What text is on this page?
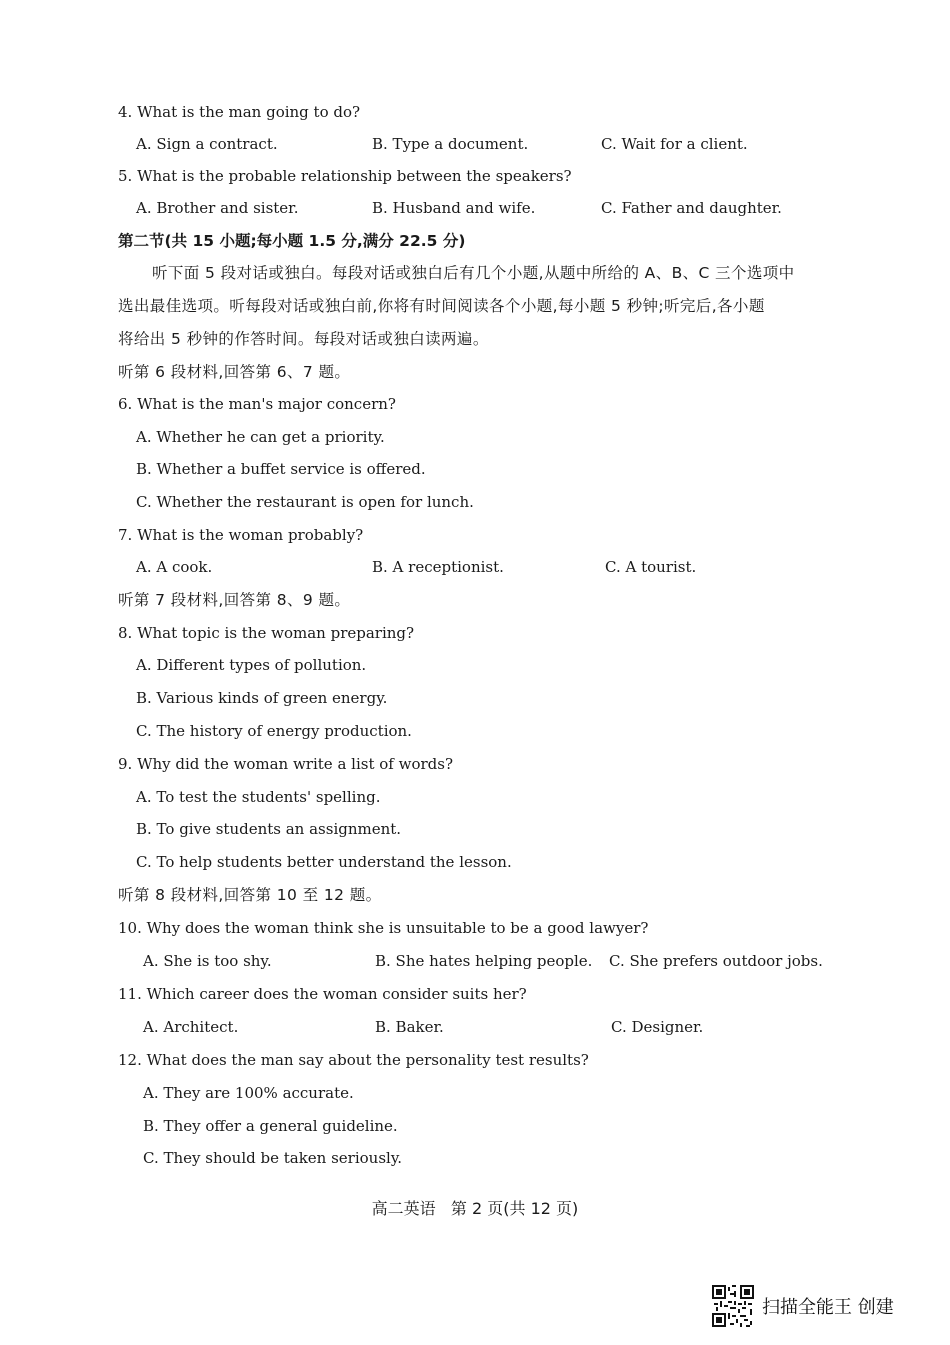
4. What is the man going to do?
A. Sign a contract.	B. Type a document.	C. Wait for a client.
5. What is the probable relationship between the speakers?
A. Brother and sister.	B. Husband and wife.	C. Father and daughter.
第二节(共 15 小题;每小题 1.5 分,满分 22.5 分)
听下面 5 段对话或独白。每段对话或独白后有几个小题,从题中所给的 A、B、C 三个选项中
选出最佳选项。听每段对话或独白前,你将有时间阅读各个小题,每小题 5 秒钟;听完后,各小题
将给出 5 秒钟的作答时间。每段对话或独白读两遍。
听第 6 段材料,回答第 6、7 题。
6. What is the man's major concern?
A. Whether he can get a priority.
B. Whether a buffet service is offered.
C. Whether the restaurant is open for lunch.
7. What is the woman probably?
A. A cook.	B. A receptionist.	C. A tourist.
听第 7 段材料,回答第 8、9 题。
8. What topic is the woman preparing?
A. Different types of pollution.
B. Various kinds of green energy.
C. The history of energy production.
9. Why did the woman write a list of words?
A. To test the students' spelling.
B. To give students an assignment.
C. To help students better understand the lesson.
听第 8 段材料,回答第 10 至 12 题。
10. Why does the woman think she is unsuitable to be a good lawyer?
A. She is too shy.	B. She hates helping people. C. She prefers outdoor jobs.
11. Which career does the woman consider suits her?
A. Architect.	B. Baker.	C. Designer.
12. What does the man say about the personality test results?
A. They are 100% accurate.
B. They offer a general guideline.
C. They should be taken seriously.
高二英语   第 2 页(共 12 页)
扫描全能王 创建
